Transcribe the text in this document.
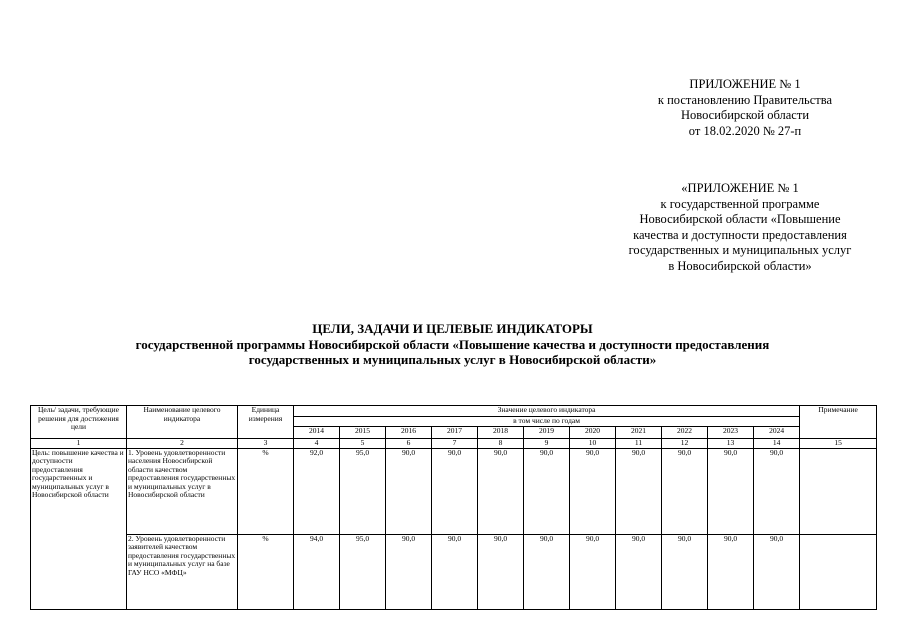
ПРИЛОЖЕНИЕ № 1
к постановлению Правительства
Новосибирской области
от 18.02.2020 № 27-п
«ПРИЛОЖЕНИЕ № 1
к государственной программе
Новосибирской области «Повышение
качества и доступности предоставления
государственных и муниципальных услуг
в Новосибирской области»
ЦЕЛИ, ЗАДАЧИ И ЦЕЛЕВЫЕ ИНДИКАТОРЫ
государственной программы Новосибирской области «Повышение качества и доступности предоставления
государственных и муниципальных услуг в Новосибирской области»
Цель/ задачи, требующие решения для достижения цели	Наименование целевого индикатора	Единица измерения	Значение целевого индикатора											Примечание
			в том числе по годам											
			2014	2015	2016	2017	2018	2019	2020	2021	2022	2023	2024	
1	2	3	4	5	6	7	8	9	10	11	12	13	14	15
Цель: повышение качества и доступности предоставления государственных и муниципальных услуг в Новосибирской области	1. Уровень удовлетворенности населения Новосибирской области качеством предоставления государственных и муниципальных услуг в Новосибирской области	%	92,0	95,0	90,0	90,0	90,0	90,0	90,0	90,0	90,0	90,0	90,0	
	2. Уровень удовлетворенности заявителей качеством предоставления государственных и муниципальных услуг на базе ГАУ НСО «МФЦ»	%	94,0	95,0	90,0	90,0	90,0	90,0	90,0	90,0	90,0	90,0	90,0	
